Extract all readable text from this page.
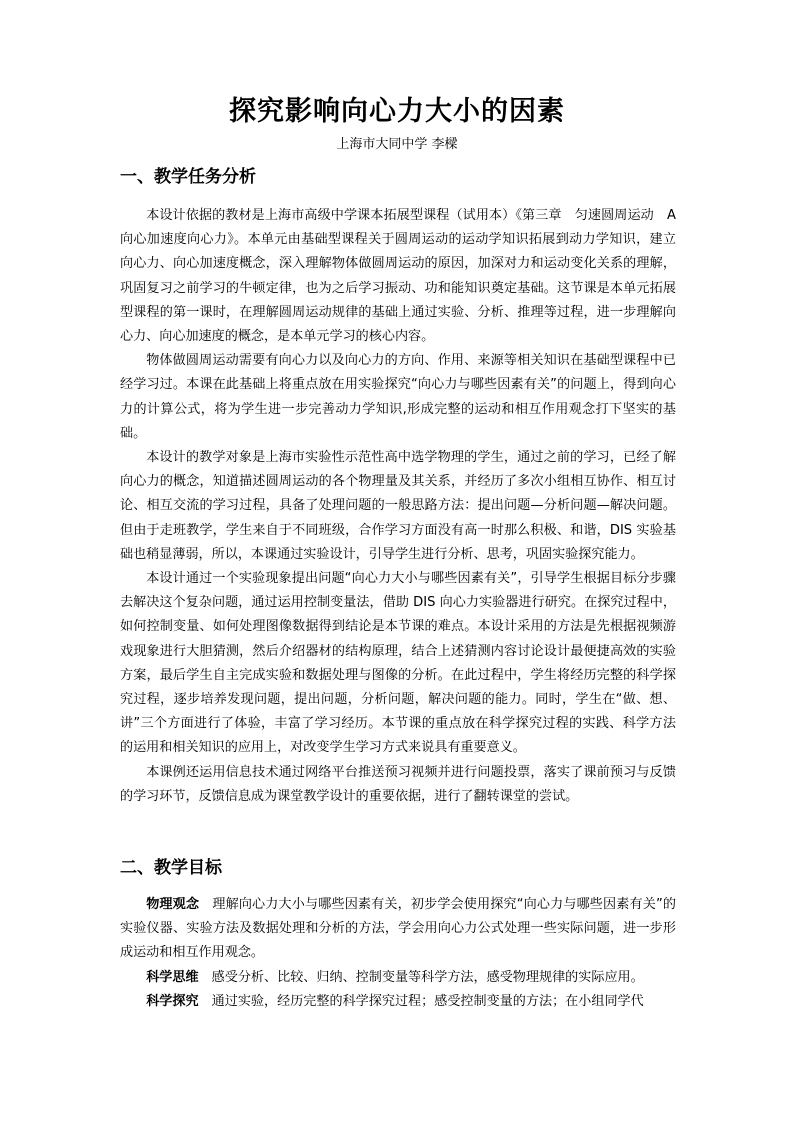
探究影响向心力大小的因素
上海市大同中学 李樑
一、教学任务分析

本设计依据的教材是上海市高级中学课本拓展型课程（试用本）《第三章　匀速圆周运动　A 向心加速度向心力》。本单元由基础型课程关于圆周运动的运动学知识拓展到动力学知识，建立向心力、向心加速度概念，深入理解物体做圆周运动的原因，加深对力和运动变化关系的理解，巩固复习之前学习的牛顿定律，也为之后学习振动、功和能知识奠定基础。这节课是本单元拓展型课程的第一课时，在理解圆周运动规律的基础上通过实验、分析、推理等过程，进一步理解向心力、向心加速度的概念，是本单元学习的核心内容。

物体做圆周运动需要有向心力以及向心力的方向、作用、来源等相关知识在基础型课程中已经学习过。本课在此基础上将重点放在用实验探究“向心力与哪些因素有关”的问题上，得到向心力的计算公式，将为学生进一步完善动力学知识,形成完整的运动和相互作用观念打下坚实的基础。

本设计的教学对象是上海市实验性示范性高中选学物理的学生，通过之前的学习，已经了解向心力的概念，知道描述圆周运动的各个物理量及其关系，并经历了多次小组相互协作、相互讨论、相互交流的学习过程，具备了处理问题的一般思路方法：提出问题—分析问题—解决问题。但由于走班教学，学生来自于不同班级，合作学习方面没有高一时那么积极、和谐，DIS 实验基础也稍显薄弱，所以，本课通过实验设计，引导学生进行分析、思考，巩固实验探究能力。

本设计通过一个实验现象提出问题“向心力大小与哪些因素有关”，引导学生根据目标分步骤去解决这个复杂问题，通过运用控制变量法，借助 DIS 向心力实验器进行研究。在探究过程中，如何控制变量、如何处理图像数据得到结论是本节课的难点。本设计采用的方法是先根据视频游戏现象进行大胆猜测，然后介绍器材的结构原理，结合上述猜测内容讨论设计最便捷高效的实验方案，最后学生自主完成实验和数据处理与图像的分析。在此过程中，学生将经历完整的科学探究过程，逐步培养发现问题，提出问题，分析问题，解决问题的能力。同时，学生在“做、想、讲”三个方面进行了体验，丰富了学习经历。本节课的重点放在科学探究过程的实践、科学方法的运用和相关知识的应用上，对改变学生学习方式来说具有重要意义。

本课例还运用信息技术通过网络平台推送预习视频并进行问题投票，落实了课前预习与反馈的学习环节，反馈信息成为课堂教学设计的重要依据，进行了翻转课堂的尝试。

二、教学目标

物理观念　理解向心力大小与哪些因素有关，初步学会使用探究“向心力与哪些因素有关”的实验仪器、实验方法及数据处理和分析的方法，学会用向心力公式处理一些实际问题，进一步形成运动和相互作用观念。

科学思维　 感受分析、比较、归纳、控制变量等科学方法，感受物理规律的实际应用。

科学探究　 通过实验，经历完整的科学探究过程；感受控制变量的方法；在小组同学代
